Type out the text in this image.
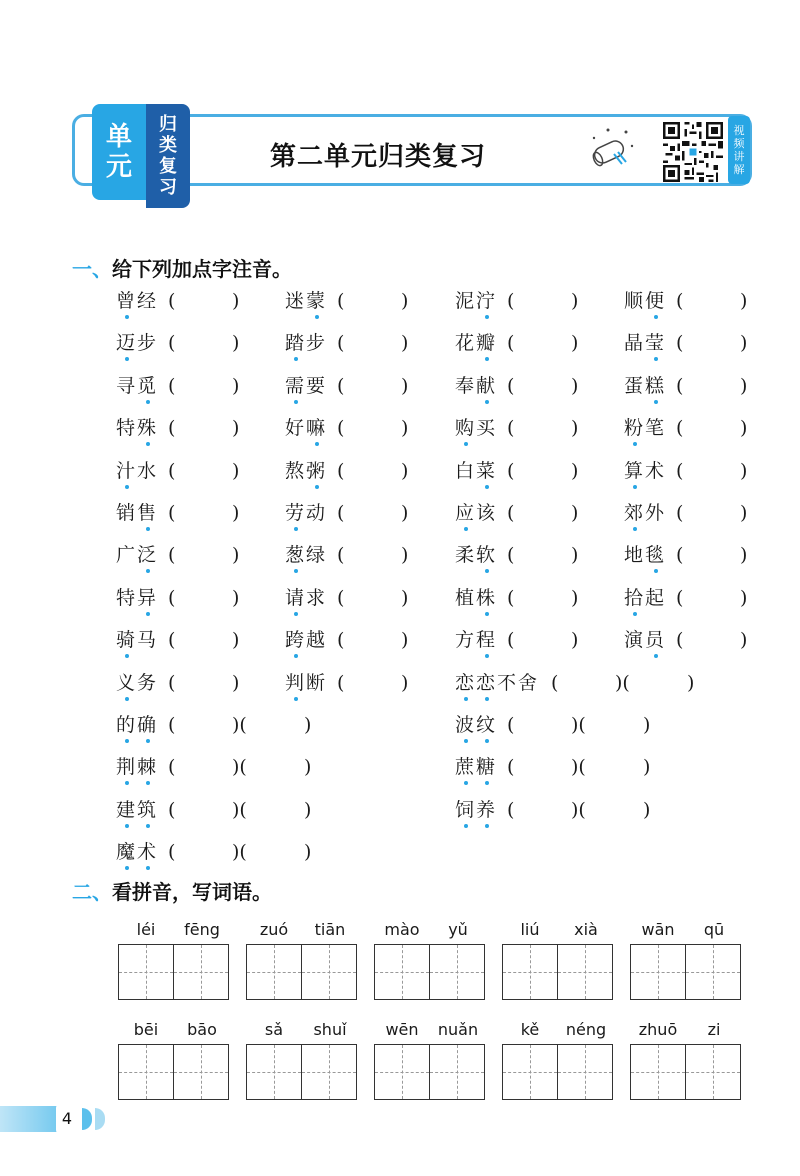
单
元
归
类
复
习
第二单元归类复习
视
频
讲
解
一、给下列加点字注音。
曾经 (	) 迷蒙 (	) 泥泞 (	) 顺便 (	)
迈步 (	) 踏步 (	) 花瓣 (	) 晶莹 (	)
寻觅 (	) 需要 (	) 奉献 (	) 蛋糕 (	)
特殊 (	) 好嘛 (	) 购买 (	) 粉笔 (	)
汁水 (	) 熬粥 (	) 白菜 (	) 算术 (	)
销售 (	) 劳动 (	) 应该 (	) 郊外 (	)
广泛 (	) 葱绿 (	) 柔软 (	) 地毯 (	)
特异 (	) 请求 (	) 植株 (	) 拾起 (	)
骑马 (	) 跨越 (	) 方程 (	) 演员 (	)
义务 (	) 判断 (	) 恋恋不舍 (	)(	)
的确 (	)(	)	波纹 (	)(	)
荆棘 (	)(	)	蔗糖 (	)(	)
建筑 (	)(	)	饲养 (	)(	)
魔术 (	)(	)
二、看拼音，写词语。
léi	fēng	zuó	tiān	mào	yǔ	liú	xià	wān	qū
bēi	bāo	sǎ	shuǐ	wēn	nuǎn	kě	néng	zhuō	zi
4
